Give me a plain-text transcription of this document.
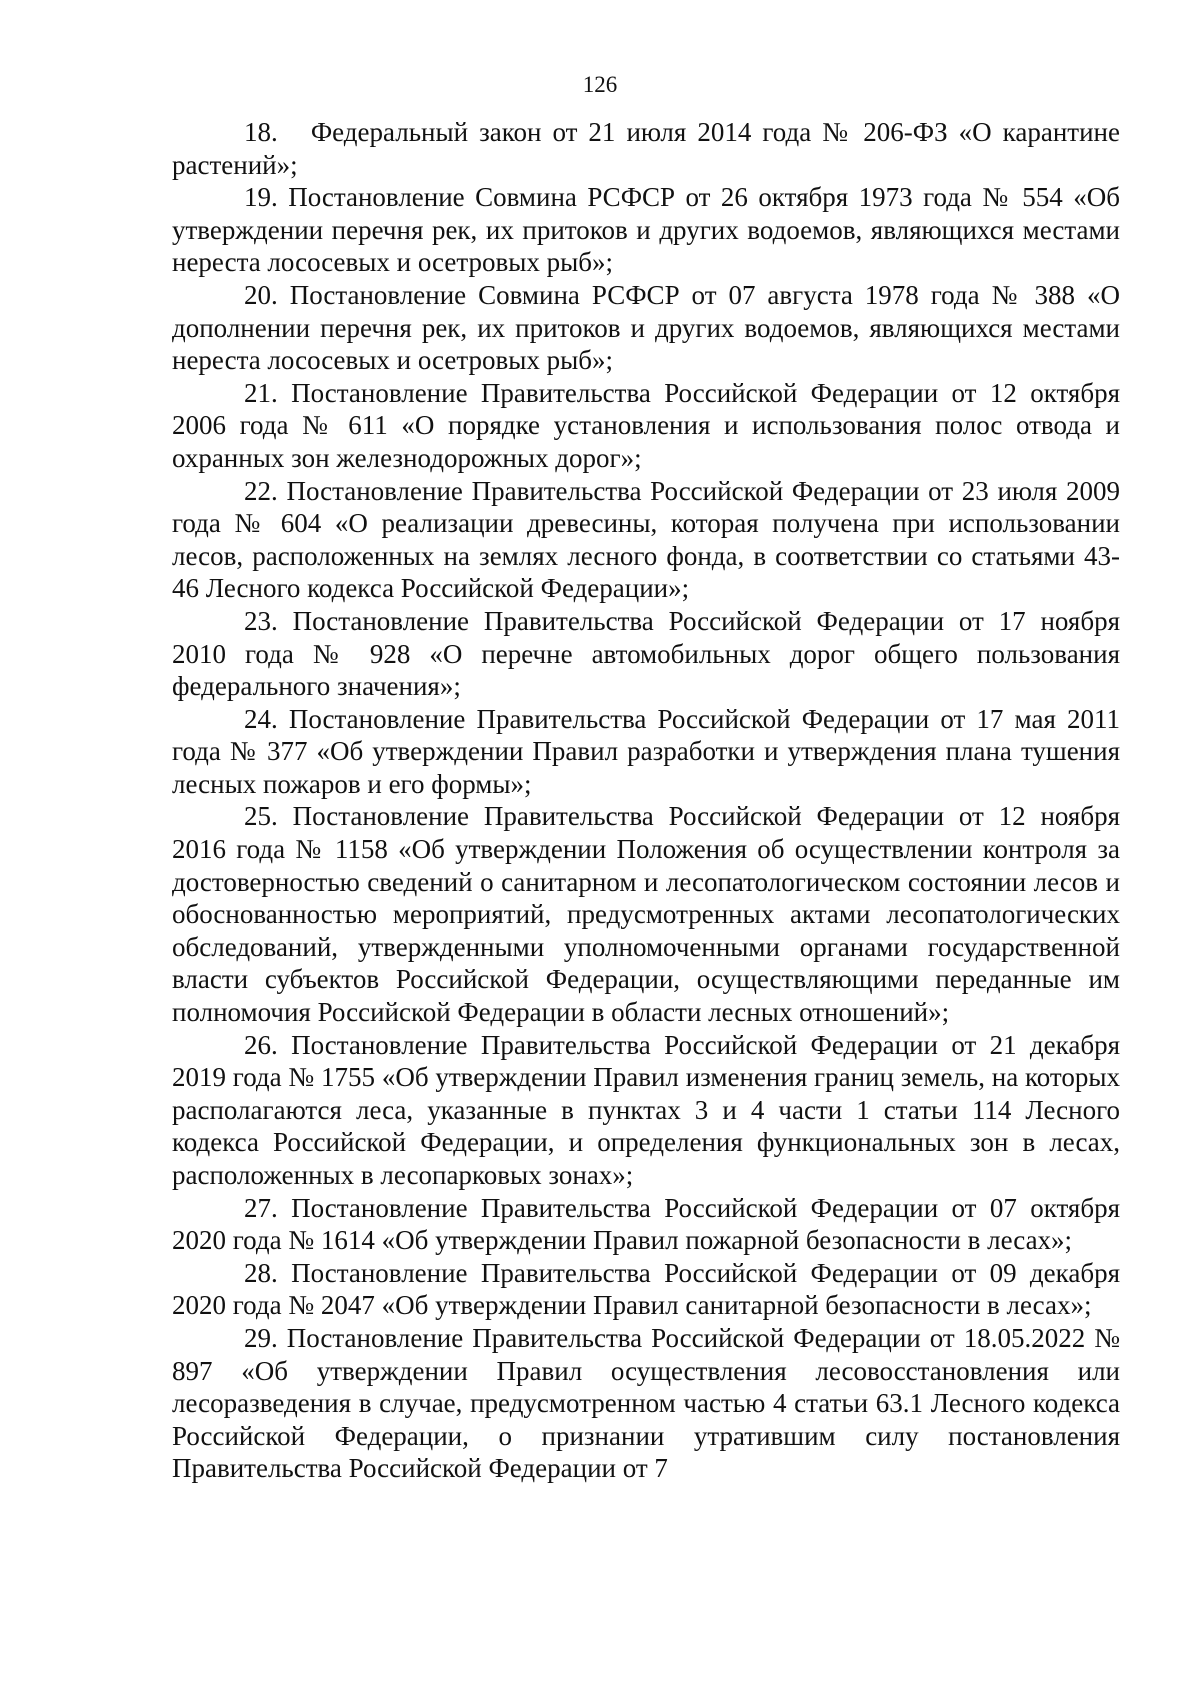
126

18.   Федеральный закон от 21 июля 2014 года № 206-ФЗ «О карантине растений»;

19. Постановление Совмина РСФСР от 26 октября 1973 года № 554 «Об утверждении перечня рек, их притоков и других водоемов, являющихся местами нереста лососевых и осетровых рыб»;

20. Постановление Совмина РСФСР от 07 августа 1978 года № 388 «О дополнении перечня рек, их притоков и других водоемов, являющихся местами нереста лососевых и осетровых рыб»;

21. Постановление Правительства Российской Федерации от 12 октября 2006 года № 611 «О порядке установления и использования полос отвода и охранных зон железнодорожных дорог»;

22. Постановление Правительства Российской Федерации от 23 июля 2009 года № 604 «О реализации древесины, которая получена при использовании лесов, расположенных на землях лесного фонда, в соответствии со статьями 43-46 Лесного кодекса Российской Федерации»;

23. Постановление Правительства Российской Федерации от 17 ноября 2010 года № 928 «О перечне автомобильных дорог общего пользования федерального значения»;

24. Постановление Правительства Российской Федерации от 17 мая 2011 года № 377 «Об утверждении Правил разработки и утверждения плана тушения лесных пожаров и его формы»;

25. Постановление Правительства Российской Федерации от 12 ноября 2016 года № 1158 «Об утверждении Положения об осуществлении контроля за достоверностью сведений о санитарном и лесопатологическом состоянии лесов и обоснованностью мероприятий, предусмотренных актами лесопатологических обследований, утвержденными уполномоченными органами государственной власти субъектов Российской Федерации, осуществляющими переданные им полномочия Российской Федерации в области лесных отношений»;

26. Постановление Правительства Российской Федерации от 21 декабря 2019 года № 1755 «Об утверждении Правил изменения границ земель, на которых располагаются леса, указанные в пунктах 3 и 4 части 1 статьи 114 Лесного кодекса Российской Федерации, и определения функциональных зон в лесах, расположенных в лесопарковых зонах»;

27. Постановление Правительства Российской Федерации от 07 октября 2020 года № 1614 «Об утверждении Правил пожарной безопасности в лесах»;

28. Постановление Правительства Российской Федерации от 09 декабря 2020 года № 2047 «Об утверждении Правил санитарной безопасности в лесах»;

29. Постановление Правительства Российской Федерации от 18.05.2022 № 897 «Об утверждении Правил осуществления лесовосстановления или лесоразведения в случае, предусмотренном частью 4 статьи 63.1 Лесного кодекса Российской Федерации, о признании утратившим силу постановления Правительства Российской Федерации от 7
